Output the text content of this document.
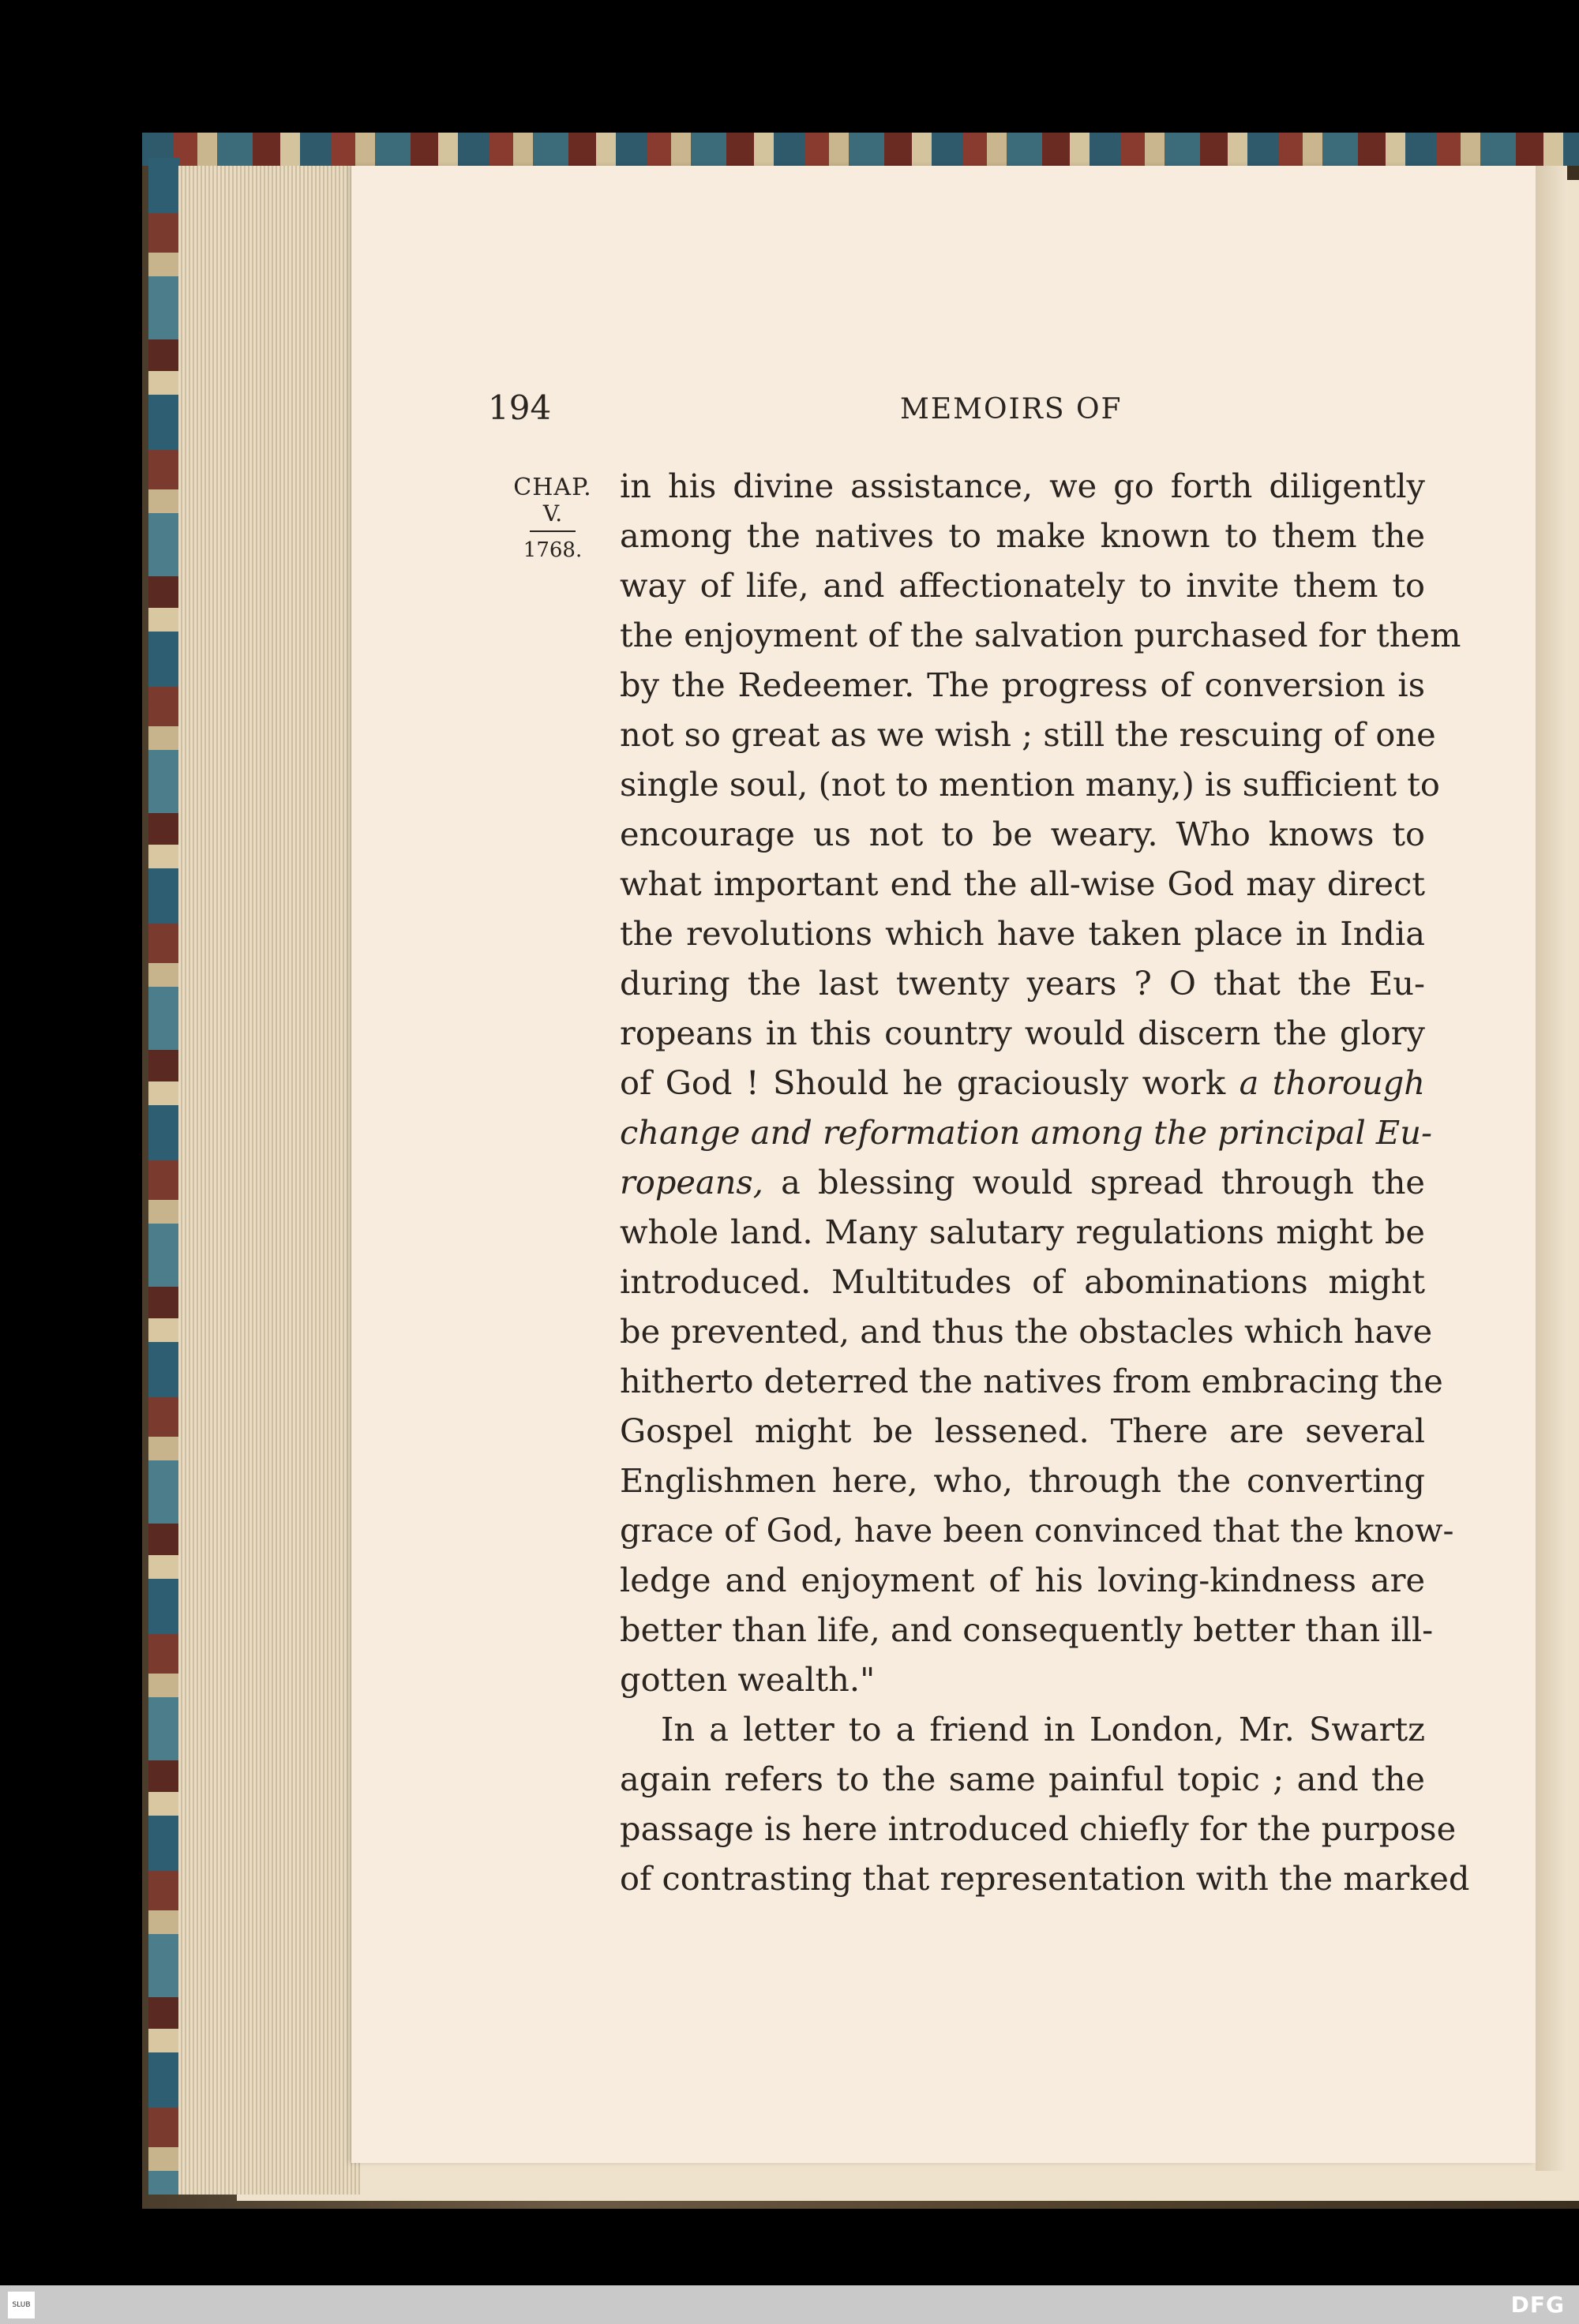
194	MEMOIRS OF
CHAP.
V.
1768.
in his divine assistance, we go forth diligently
among the natives to make known to them the
way of life, and affectionately to invite them to
the enjoyment of the salvation purchased for them
by the Redeemer. The progress of conversion is
not so great as we wish ; still the rescuing of one
single soul, (not to mention many,) is sufficient to
encourage us not to be weary. Who knows to
what important end the all-wise God may direct
the revolutions which have taken place in India
during the last twenty years ? O that the Eu-
ropeans in this country would discern the glory
of God ! Should he graciously work a thorough
change and reformation among the principal Eu-
ropeans, a blessing would spread through the
whole land. Many salutary regulations might be
introduced. Multitudes of abominations might
be prevented, and thus the obstacles which have
hitherto deterred the natives from embracing the
Gospel might be lessened. There are several
Englishmen here, who, through the converting
grace of God, have been convinced that the know-
ledge and enjoyment of his loving-kindness are
better than life, and consequently better than ill-
gotten wealth."
In a letter to a friend in London, Mr. Swartz
again refers to the same painful topic ; and the
passage is here introduced chiefly for the purpose
of contrasting that representation with the marked
SLUB	DFG
